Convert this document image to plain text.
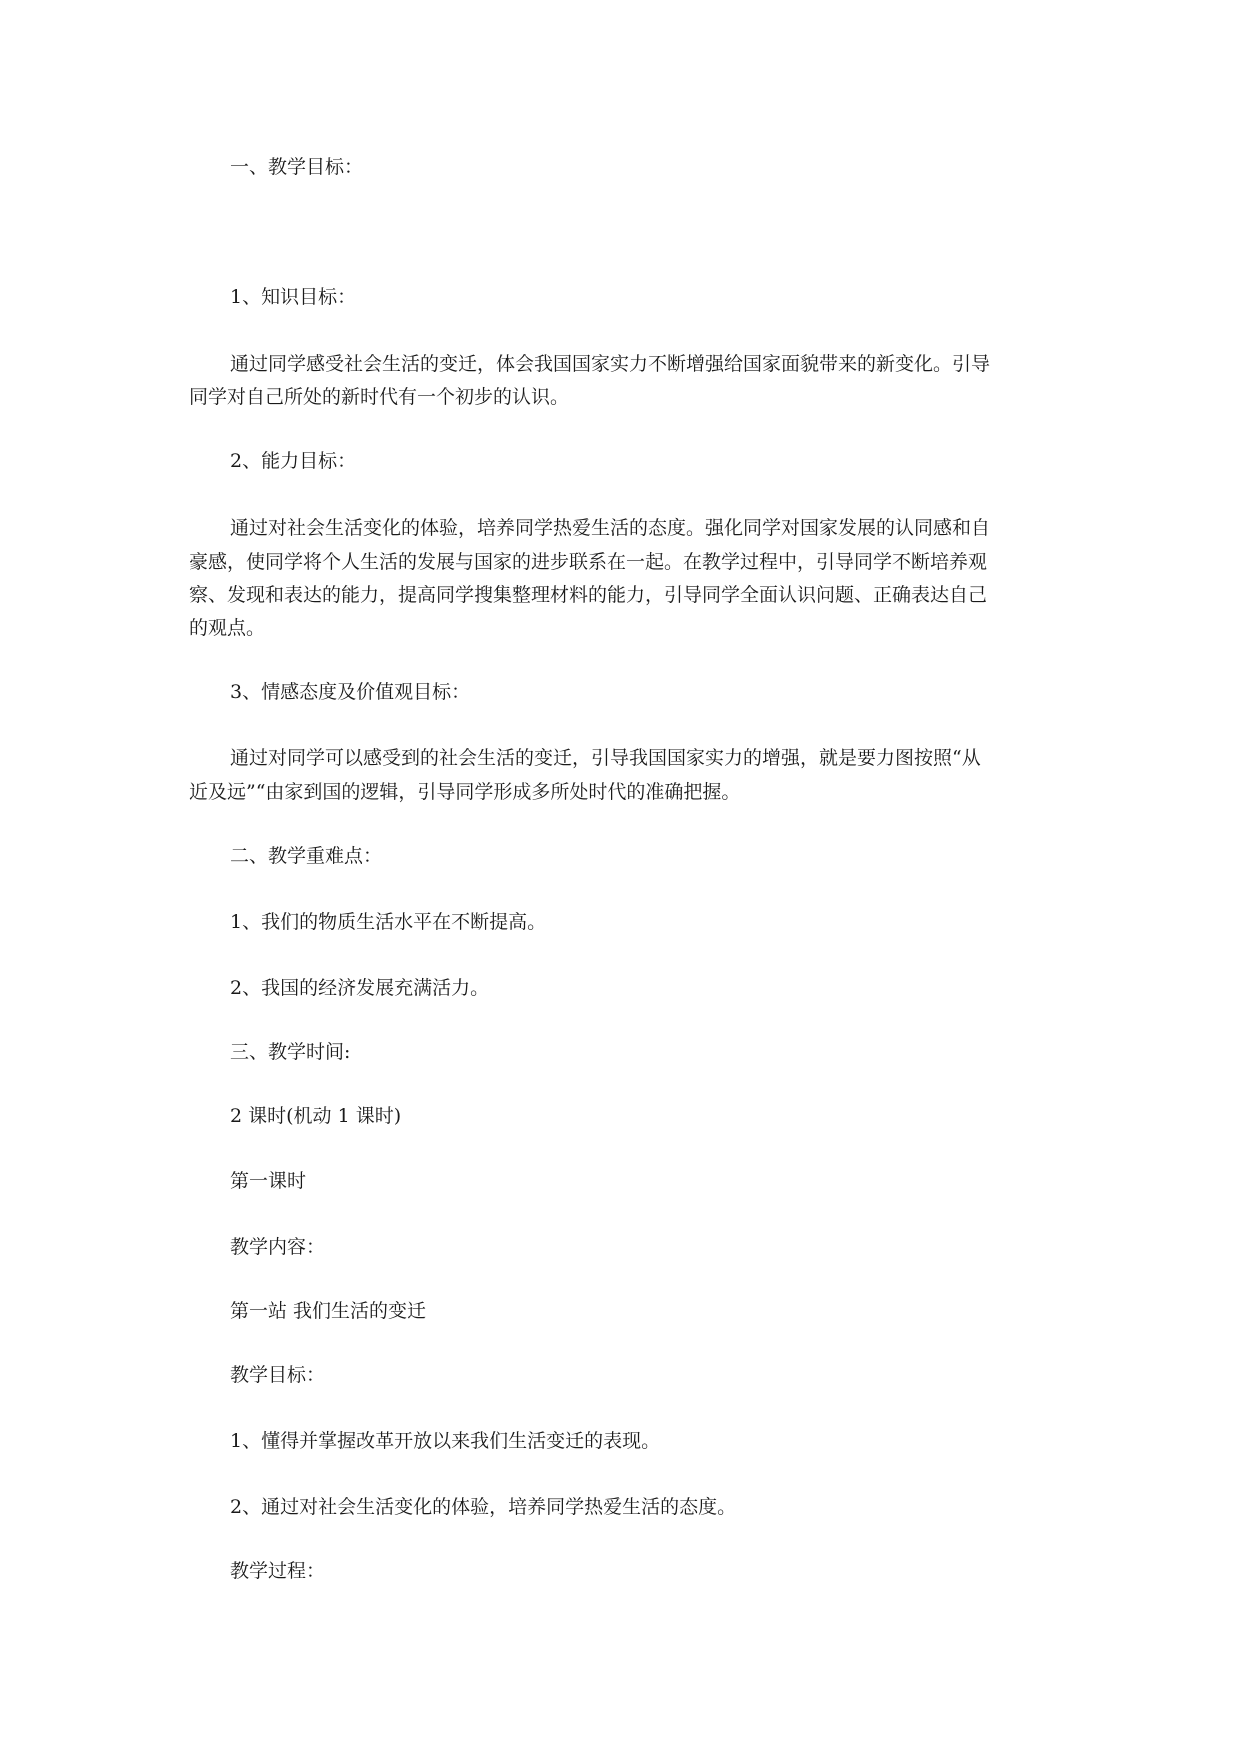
一、教学目标：
1、知识目标：
通过同学感受社会生活的变迁，体会我国国家实力不断增强给国家面貌带来的新变化。引导
同学对自己所处的新时代有一个初步的认识。
2、能力目标：
通过对社会生活变化的体验，培养同学热爱生活的态度。强化同学对国家发展的认同感和自
豪感，使同学将个人生活的发展与国家的进步联系在一起。在教学过程中，引导同学不断培养观
察、发现和表达的能力，提高同学搜集整理材料的能力，引导同学全面认识问题、正确表达自己
的观点。
3、情感态度及价值观目标：
通过对同学可以感受到的社会生活的变迁，引导我国国家实力的增强，就是要力图按照“从
近及远”“由家到国的逻辑，引导同学形成多所处时代的准确把握。
二、教学重难点：
1、我们的物质生活水平在不断提高。
2、我国的经济发展充满活力。
三、教学时间:
2 课时(机动 1 课时)
第一课时
教学内容：
第一站 我们生活的变迁
教学目标：
1、懂得并掌握改革开放以来我们生活变迁的表现。
2、通过对社会生活变化的体验，培养同学热爱生活的态度。
教学过程：
